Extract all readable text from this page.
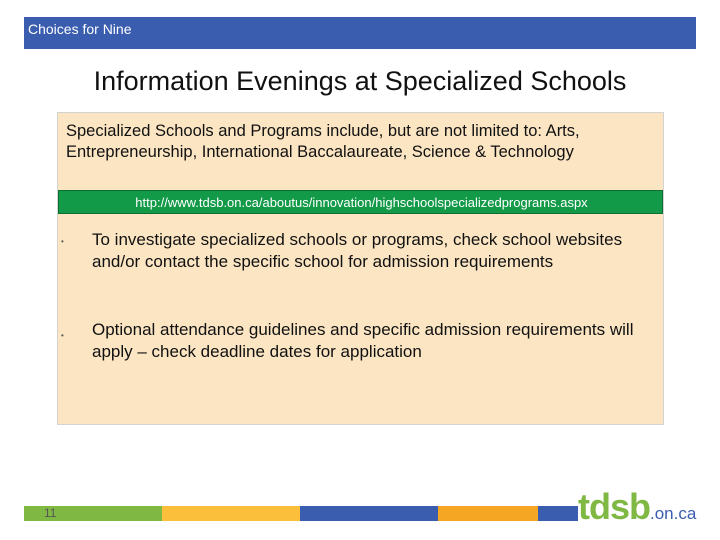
Choices for Nine
Information Evenings at Specialized Schools
Specialized Schools and Programs include, but are not limited to: Arts, Entrepreneurship, International Baccalaureate, Science & Technology
http://www.tdsb.on.ca/aboutus/innovation/highschoolspecializedprograms.aspx
• To investigate specialized schools or programs, check school websites and/or contact the specific school for admission requirements
• Optional attendance guidelines and specific admission requirements will apply – check deadline dates for application
11	tdsb.on.ca
